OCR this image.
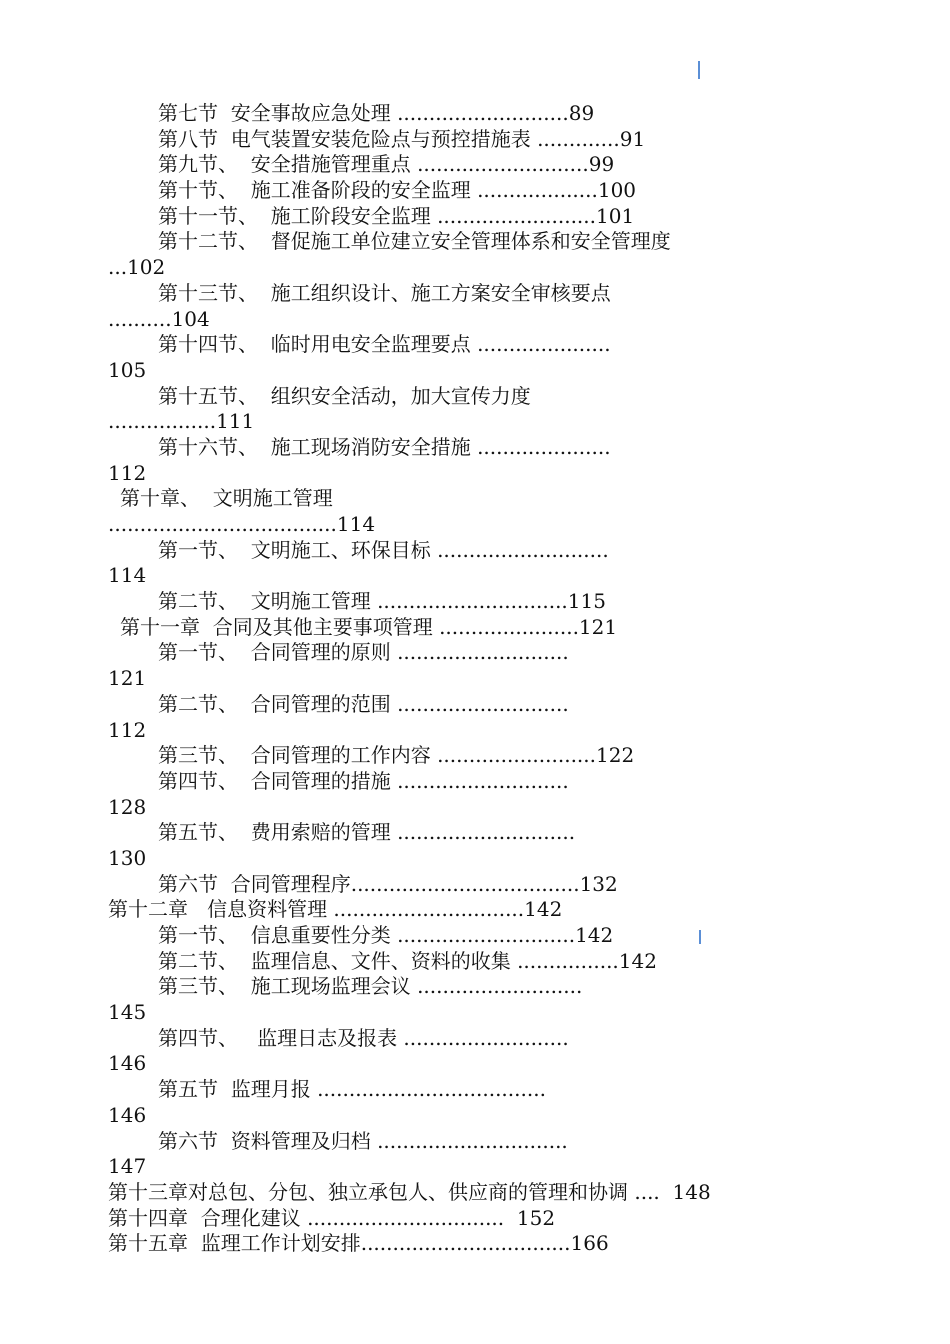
第七节  安全事故应急处理 ...........................89
第八节  电气装置安装危险点与预控措施表 .............91
第九节、  安全措施管理重点 ...........................99
第十节、  施工准备阶段的安全监理 ...................100
第十一节、  施工阶段安全监理 .........................101
第十二节、  督促施工单位建立安全管理体系和安全管理度
...102
第十三节、  施工组织设计、施工方案安全审核要点
..........104
第十四节、  临时用电安全监理要点 .....................
105
第十五节、  组织安全活动，加大宣传力度
.................111
第十六节、  施工现场消防安全措施 .....................
112
第十章、  文明施工管理
....................................114
第一节、  文明施工、环保目标 ...........................
114
第二节、  文明施工管理 ..............................115
第十一章  合同及其他主要事项管理 ......................121
第一节、  合同管理的原则 ...........................
121
第二节、  合同管理的范围 ...........................
112
第三节、  合同管理的工作内容 .........................122
第四节、  合同管理的措施 ...........................
128
第五节、  费用索赔的管理 ............................
130
第六节  合同管理程序....................................132
第十二章   信息资料管理 ..............................142
第一节、  信息重要性分类 ............................142
第二节、  监理信息、文件、资料的收集 ................142
第三节、  施工现场监理会议 ..........................
145
第四节、   监理日志及报表 ..........................
146
第五节  监理月报 ....................................
146
第六节  资料管理及归档 ..............................
147
第十三章对总包、分包、独立承包人、供应商的管理和协调 ....  148
第十四章  合理化建议 ...............................  152
第十五章  监理工作计划安排.................................166
